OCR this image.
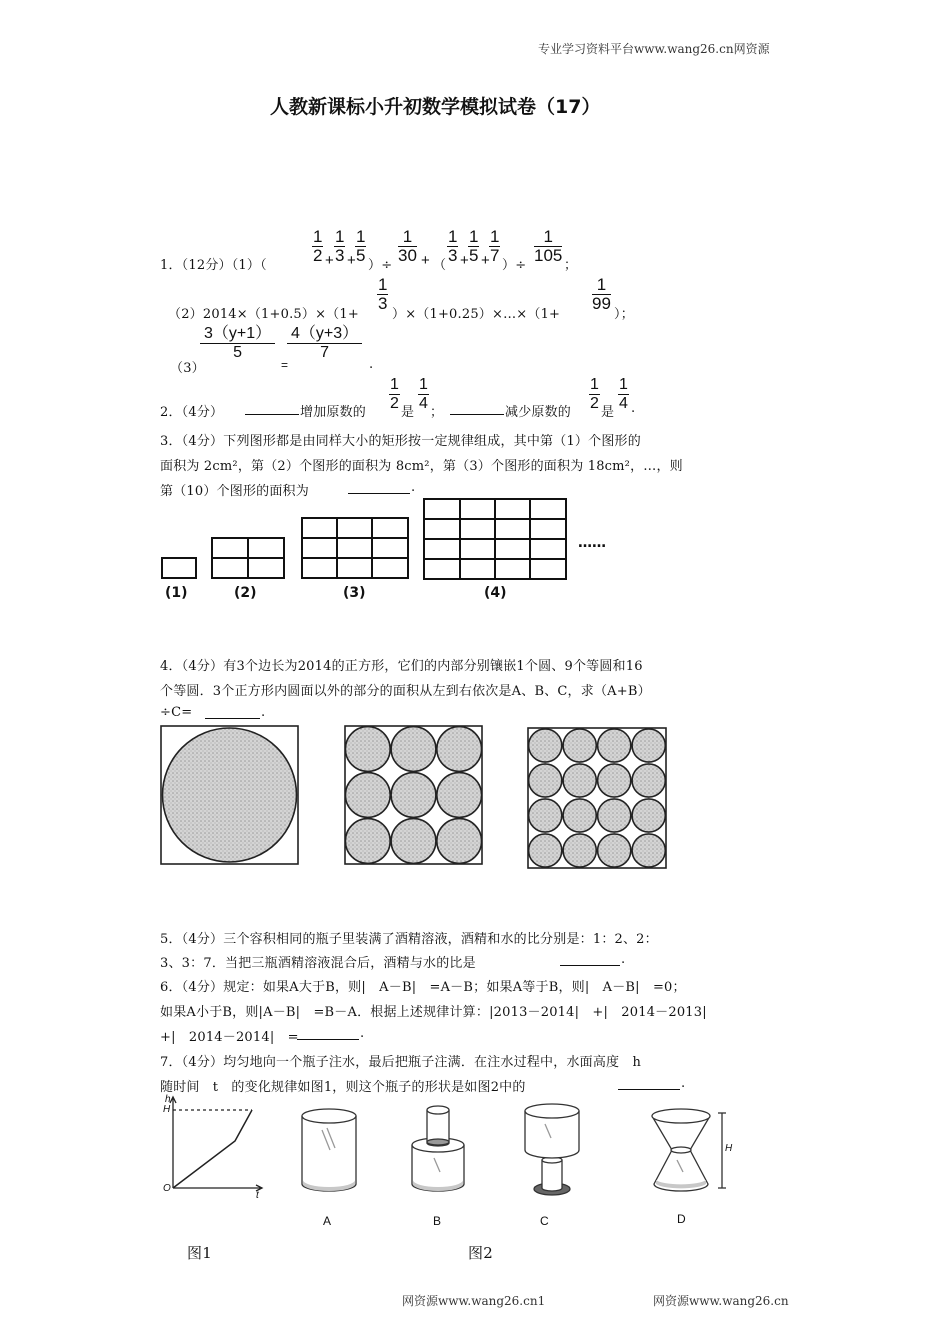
专业学习资料平台www.wang26.cn网资源
人教新课标小升初数学模拟试卷（17）
1．（12分）（1）（
$\frac{1}{2} + \frac{1}{3} + \frac{1}{5}$
）÷
$\frac{1}{30}$ + （
$\frac{1}{3} + \frac{1}{5} + \frac{1}{7}$
）÷
$\frac{1}{105}$
；
（2）2014×（1+0.5）×（1+
$\frac{1}{3}$
）×（1+0.25）×…×（1+
$\frac{1}{99}$
）；
（3）
$\frac{3(y+1)}{5}$
=
$\frac{4(y+3)}{7}$
.
2．（4分）	增加原数的 $\frac{1}{2}$ 是 $\frac{1}{4}$ ；	减少原数的 $\frac{1}{2}$ 是 $\frac{1}{4}$ .
3．（4分）下列图形都是由同样大小的矩形按一定规律组成，其中第（1）个图形的
面积为 2cm²，第（2）个图形的面积为 8cm²，第（3）个图形的面积为 18cm²，…，则
第（10）个图形的面积为	.
……
(1)	(2)	(3)	(4)
4．（4分）有3个边长为2014的正方形，它们的内部分别镶嵌1个圆、9个等圆和16
个等圆．3个正方形内圆面以外的部分的面积从左到右依次是A、B、C，求（A+B）
÷C=	.
5．（4分）三个容积相同的瓶子里装满了酒精溶液，酒精和水的比分别是：1：2、2：
3、3：7．当把三瓶酒精溶液混合后，酒精与水的比是	.
6．（4分）规定：如果A大于B，则|　A－B|　=A－B；如果A等于B，则|　A－B|　=0；
如果A小于B，则|A－B|　=B－A．根据上述规律计算：|2013－2014|　+|　2014－2013|
+|　2014－2014|　=	.
7．（4分）均匀地向一个瓶子注水，最后把瓶子注满．在注水过程中，水面高度　h
随时间　t　的变化规律如图1，则这个瓶子的形状是如图2中的	.
h
H
O
t
H
A	B	C	D
图1	图2
网资源www.wang26.cn1	网资源www.wang26.cn
